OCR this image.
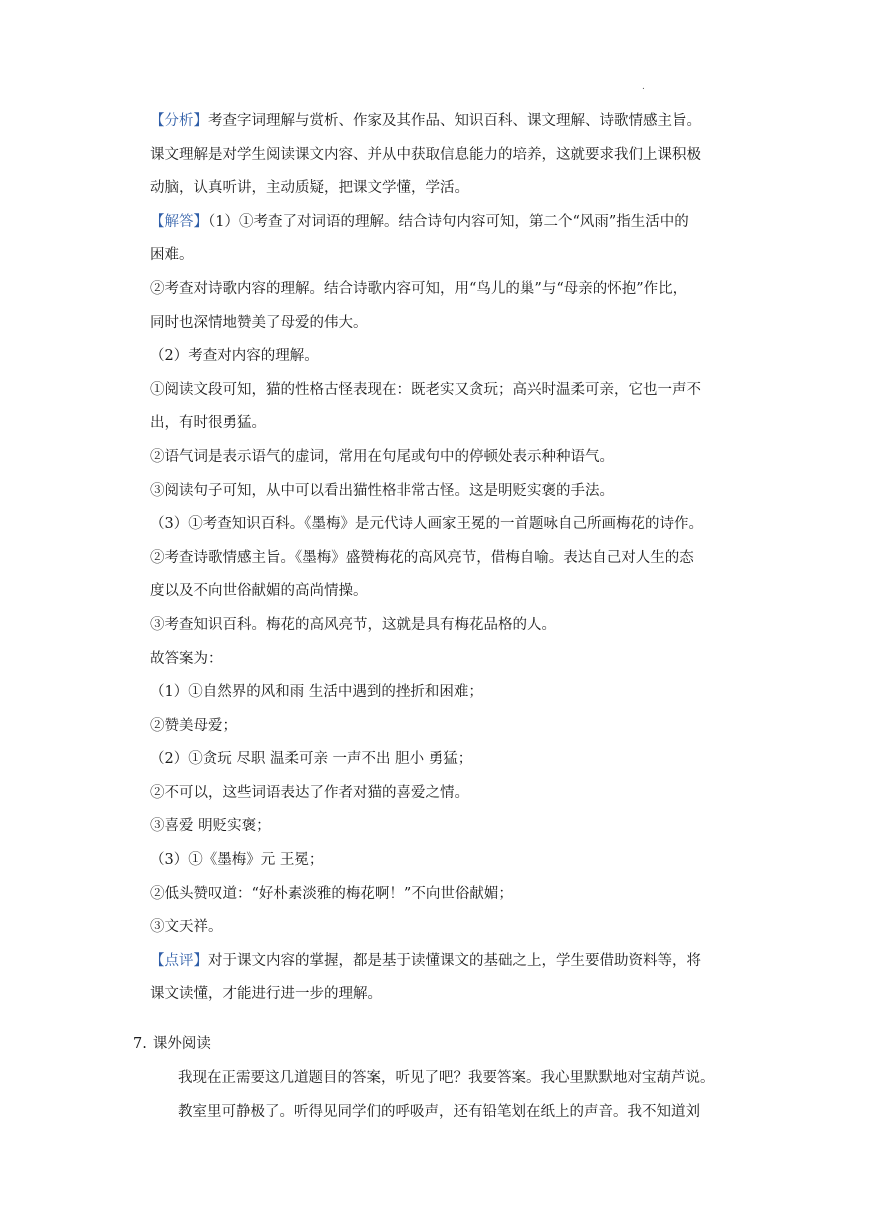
.

【分析】考查字词理解与赏析、作家及其作品、知识百科、课文理解、诗歌情感主旨。

课文理解是对学生阅读课文内容、并从中获取信息能力的培养，这就要求我们上课积极

动脑，认真听讲，主动质疑，把课文学懂，学活。

【解答】（1）①考查了对词语的理解。结合诗句内容可知，第二个“风雨”指生活中的

困难。

②考查对诗歌内容的理解。结合诗歌内容可知，用“鸟儿的巢”与“母亲的怀抱”作比，

同时也深情地赞美了母爱的伟大。

（2）考查对内容的理解。

①阅读文段可知，猫的性格古怪表现在：既老实又贪玩；高兴时温柔可亲，它也一声不

出，有时很勇猛。

②语气词是表示语气的虚词，常用在句尾或句中的停顿处表示种种语气。

③阅读句子可知，从中可以看出猫性格非常古怪。这是明贬实褒的手法。

（3）①考查知识百科。《墨梅》是元代诗人画家王冕的一首题咏自己所画梅花的诗作。

②考查诗歌情感主旨。《墨梅》盛赞梅花的高风亮节，借梅自喻。表达自己对人生的态

度以及不向世俗献媚的高尚情操。

③考查知识百科。梅花的高风亮节，这就是具有梅花品格的人。

故答案为：

（1）①自然界的风和雨 生活中遇到的挫折和困难；

②赞美母爱；

（2）①贪玩 尽职 温柔可亲 一声不出 胆小 勇猛；

②不可以，这些词语表达了作者对猫的喜爱之情。

③喜爱 明贬实褒；

（3）①《墨梅》元 王冕；

②低头赞叹道：“好朴素淡雅的梅花啊！”不向世俗献媚；

③文天祥。

【点评】对于课文内容的掌握，都是基于读懂课文的基础之上，学生要借助资料等，将

课文读懂，才能进行进一步的理解。

7. 课外阅读
我现在正需要这几道题目的答案，听见了吧？我要答案。我心里默默地对宝葫芦说。
教室里可静极了。听得见同学们的呼吸声，还有铅笔划在纸上的声音。我不知道刘
